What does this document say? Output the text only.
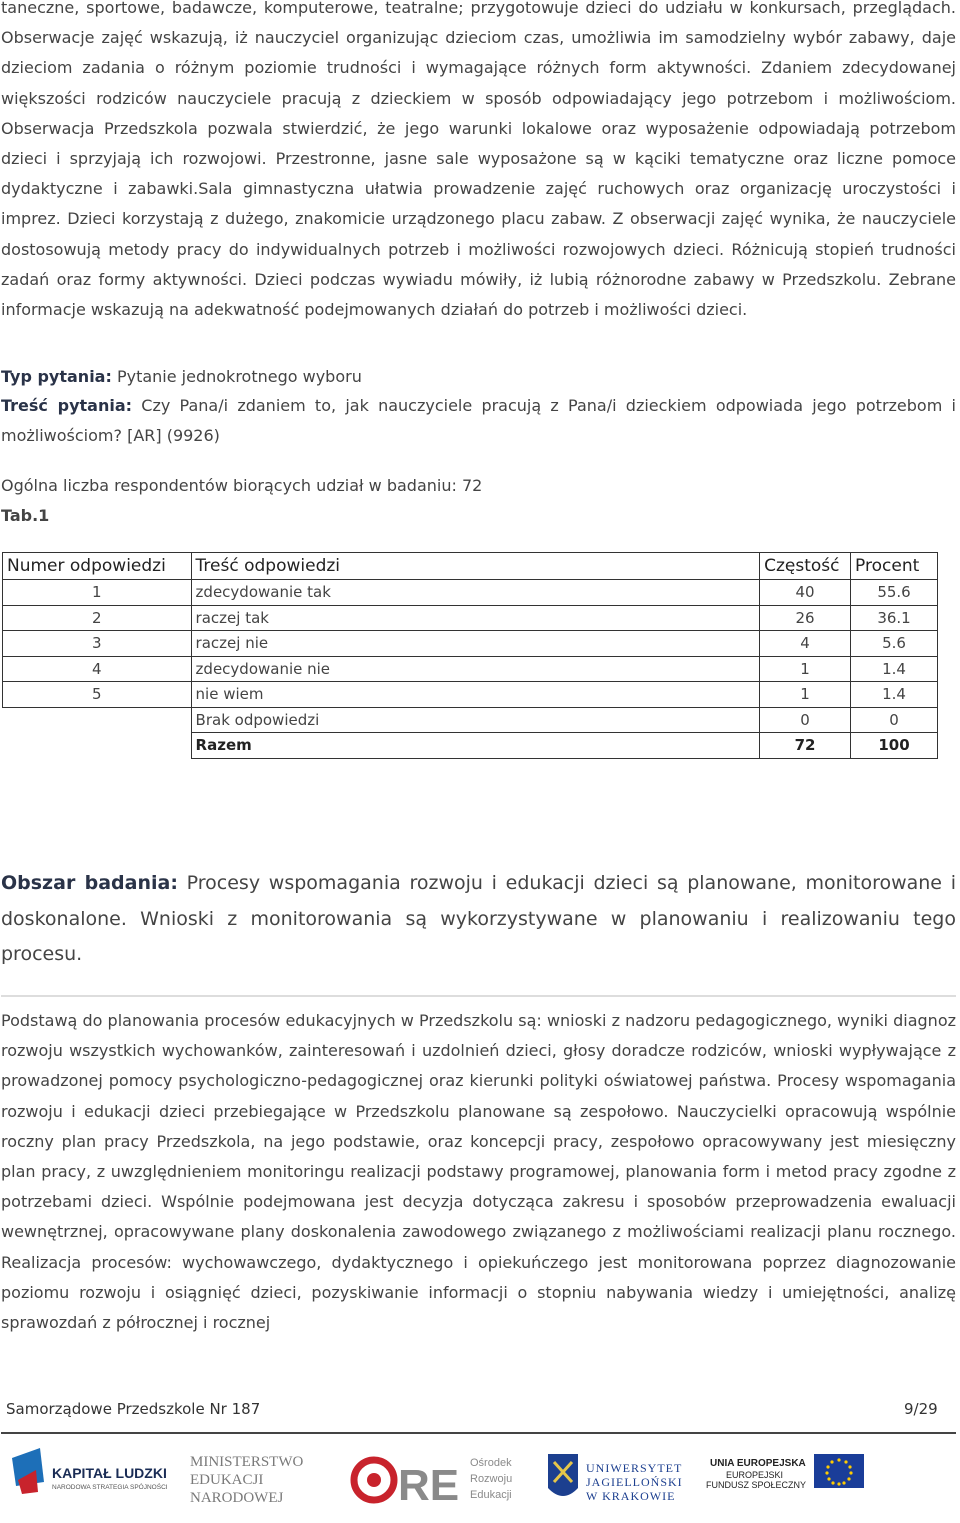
taneczne, sportowe, badawcze, komputerowe, teatralne; przygotowuje dzieci do udziału w konkursach, przeglądach. Obserwacje zajęć wskazują, iż nauczyciel organizując dzieciom czas, umożliwia im samodzielny wybór zabawy, daje dzieciom zadania o różnym poziomie trudności i wymagające różnych form aktywności. Zdaniem zdecydowanej większości rodziców nauczyciele pracują z dzieckiem w sposób odpowiadający jego potrzebom i możliwościom. Obserwacja Przedszkola pozwala stwierdzić, że jego warunki lokalowe oraz wyposażenie odpowiadają potrzebom dzieci i sprzyjają ich rozwojowi. Przestronne, jasne sale wyposażone są w kąciki tematyczne oraz liczne pomoce dydaktyczne i zabawki.Sala gimnastyczna ułatwia prowadzenie zajęć ruchowych oraz organizację uroczystości i imprez. Dzieci korzystają z dużego, znakomicie urządzonego placu zabaw. Z obserwacji zajęć wynika, że nauczyciele dostosowują metody pracy do indywidualnych potrzeb i możliwości rozwojowych dzieci. Różnicują stopień trudności zadań oraz formy aktywności. Dzieci podczas wywiadu mówiły, iż lubią różnorodne zabawy w Przedszkolu. Zebrane informacje wskazują na adekwatność podejmowanych działań do potrzeb i możliwości dzieci.
Typ pytania: Pytanie jednokrotnego wyboru
Treść pytania: Czy Pana/i zdaniem to, jak nauczyciele pracują z Pana/i dzieckiem odpowiada jego potrzebom i możliwościom? [AR] (9926)
Ogólna liczba respondentów biorących udział w badaniu: 72
Tab.1
Numer odpowiedzi	Treść odpowiedzi	Częstość	Procent
1	zdecydowanie tak	40	55.6
2	raczej tak	26	36.1
3	raczej nie	4	5.6
4	zdecydowanie nie	1	1.4
5	nie wiem	1	1.4
	Brak odpowiedzi	0	0
	Razem	72	100
Obszar badania: Procesy wspomagania rozwoju i edukacji dzieci są planowane, monitorowane i doskonalone. Wnioski z monitorowania są wykorzystywane w planowaniu i realizowaniu tego procesu.
Podstawą do planowania procesów edukacyjnych w Przedszkolu są: wnioski z nadzoru pedagogicznego, wyniki diagnoz rozwoju wszystkich wychowanków, zainteresowań i uzdolnień dzieci, głosy doradcze rodziców, wnioski wypływające z prowadzonej pomocy psychologiczno-pedagogicznej oraz kierunki polityki oświatowej państwa. Procesy wspomagania rozwoju i edukacji dzieci przebiegające w Przedszkolu planowane są zespołowo. Nauczycielki opracowują wspólnie roczny plan pracy Przedszkola, na jego podstawie, oraz koncepcji pracy, zespołowo opracowywany jest miesięczny plan pracy, z uwzględnieniem monitoringu realizacji podstawy programowej, planowania form i metod pracy zgodne z potrzebami dzieci. Wspólnie podejmowana jest decyzja dotycząca zakresu i sposobów przeprowadzenia ewaluacji wewnętrznej, opracowywane plany doskonalenia zawodowego związanego z możliwościami realizacji planu rocznego. Realizacja procesów: wychowawczego, dydaktycznego i opiekuńczego jest monitorowana poprzez diagnozowanie poziomu rozwoju i osiągnięć dzieci, pozyskiwanie informacji o stopniu nabywania wiedzy i umiejętności, analizę sprawozdań z półrocznej i rocznej
Samorządowe Przedszkole Nr 187	9/29
KAPITAŁ LUDZKI
NARODOWA STRATEGIA SPÓJNOŚCI
MINISTERSTWO
EDUKACJI
NARODOWEJ	RE Ośrodek
Rozwoju
Edukacji
UNIWERSYTET
JAGIELLOŃSKI
W KRAKOWIE
UNIA EUROPEJSKA
EUROPEJSKI
FUNDUSZ SPOŁECZNY
